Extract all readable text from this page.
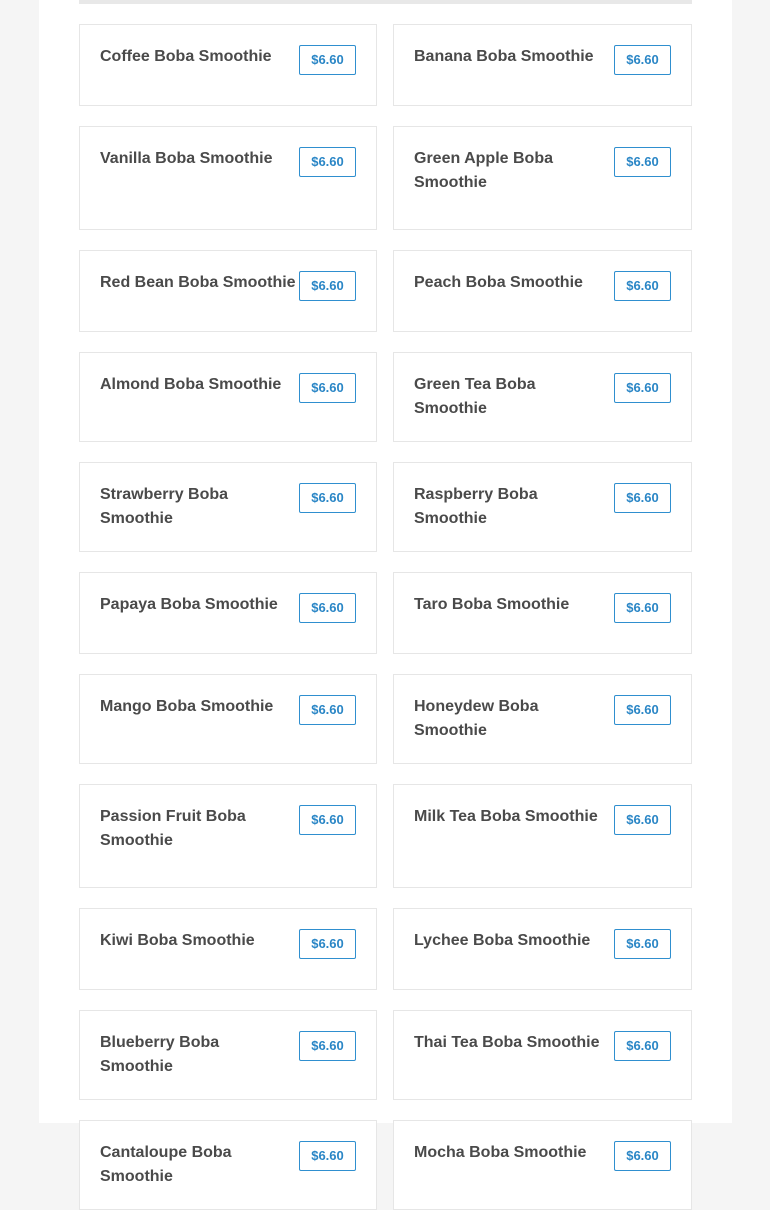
Coffee Boba Smoothie	$6.60	Banana Boba Smoothie	$6.60
Vanilla Boba Smoothie	$6.60	Green Apple Boba Smoothie
$6.60
Red Bean Boba Smoothie	$6.60	Peach Boba Smoothie	$6.60
Almond Boba Smoothie	$6.60	Green Tea Boba Smoothie
$6.60
Strawberry Boba Smoothie
$6.60	Raspberry Boba Smoothie
$6.60
Papaya Boba Smoothie	$6.60	Taro Boba Smoothie	$6.60
Mango Boba Smoothie	$6.60	Honeydew Boba Smoothie
$6.60
Passion Fruit Boba Smoothie
$6.60	Milk Tea Boba Smoothie	$6.60
Kiwi Boba Smoothie	$6.60	Lychee Boba Smoothie	$6.60
Blueberry Boba Smoothie
$6.60	Thai Tea Boba Smoothie	$6.60
Cantaloupe Boba Smoothie
$6.60	Mocha Boba Smoothie	$6.60
